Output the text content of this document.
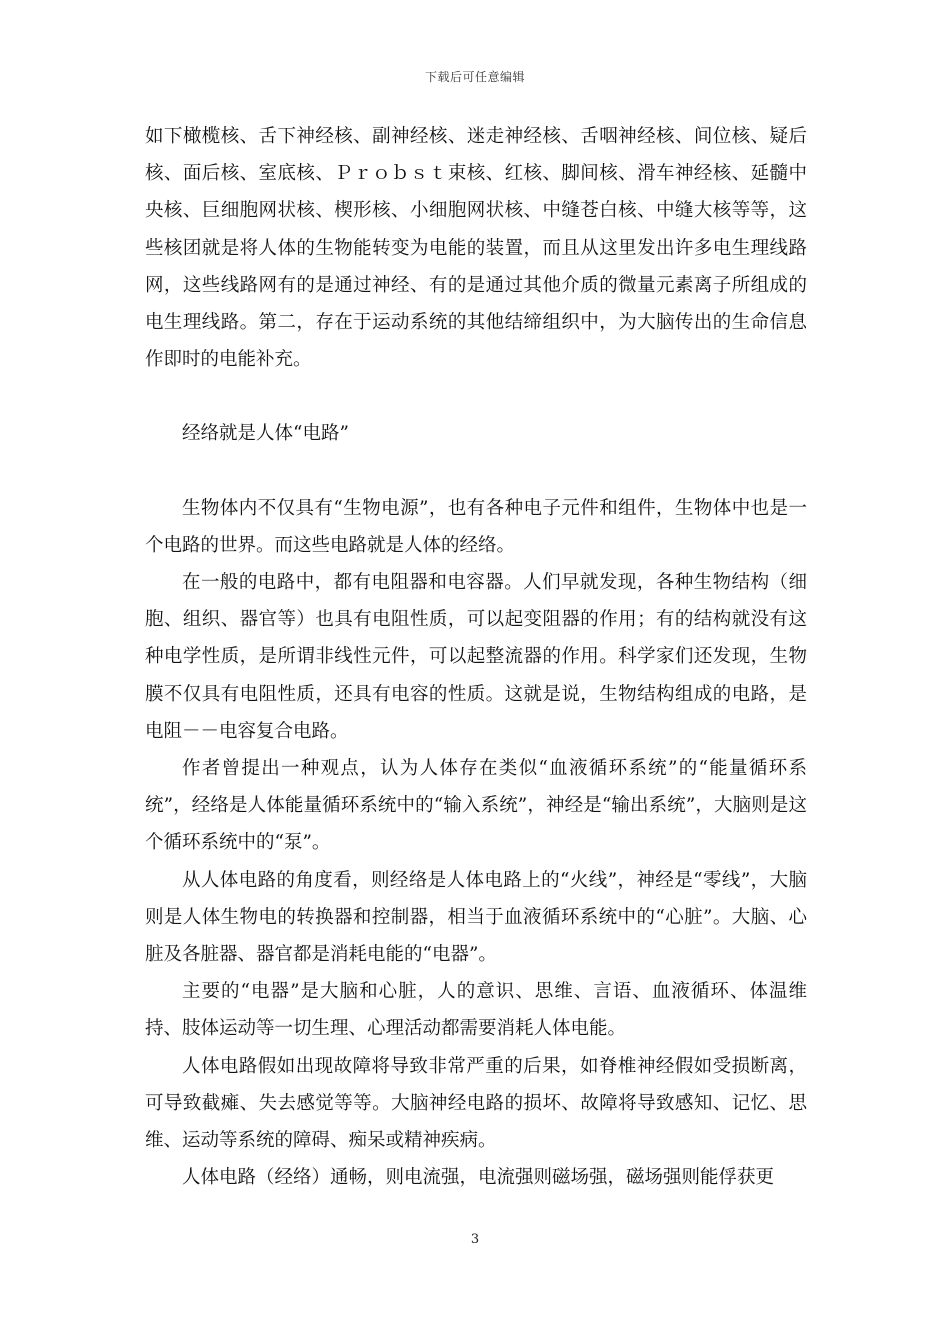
下载后可任意编辑

如下橄榄核、舌下神经核、副神经核、迷走神经核、舌咽神经核、间位核、疑后核、面后核、室底核、Ｐｒｏｂｓｔ束核、红核、脚间核、滑车神经核、延髓中央核、巨细胞网状核、楔形核、小细胞网状核、中缝苍白核、中缝大核等等，这些核团就是将人体的生物能转变为电能的装置，而且从这里发出许多电生理线路网，这些线路网有的是通过神经、有的是通过其他介质的微量元素离子所组成的电生理线路。第二，存在于运动系统的其他结缔组织中，为大脑传出的生命信息作即时的电能补充。

经络就是人体“电路”

生物体内不仅具有“生物电源”，也有各种电子元件和组件，生物体中也是一个电路的世界。而这些电路就是人体的经络。

在一般的电路中，都有电阻器和电容器。人们早就发现，各种生物结构（细胞、组织、器官等）也具有电阻性质，可以起变阻器的作用；有的结构就没有这种电学性质，是所谓非线性元件，可以起整流器的作用。科学家们还发现，生物膜不仅具有电阻性质，还具有电容的性质。这就是说，生物结构组成的电路，是电阻－－电容复合电路。

作者曾提出一种观点，认为人体存在类似“血液循环系统”的“能量循环系统”，经络是人体能量循环系统中的“输入系统”，神经是“输出系统”，大脑则是这个循环系统中的“泵”。

从人体电路的角度看，则经络是人体电路上的“火线”，神经是“零线”，大脑则是人体生物电的转换器和控制器，相当于血液循环系统中的“心脏”。大脑、心脏及各脏器、器官都是消耗电能的“电器”。

主要的“电器”是大脑和心脏，人的意识、思维、言语、血液循环、体温维持、肢体运动等一切生理、心理活动都需要消耗人体电能。

人体电路假如出现故障将导致非常严重的后果，如脊椎神经假如受损断离，可导致截瘫、失去感觉等等。大脑神经电路的损坏、故障将导致感知、记忆、思维、运动等系统的障碍、痴呆或精神疾病。

人体电路（经络）通畅，则电流强，电流强则磁场强，磁场强则能俘获更

3
